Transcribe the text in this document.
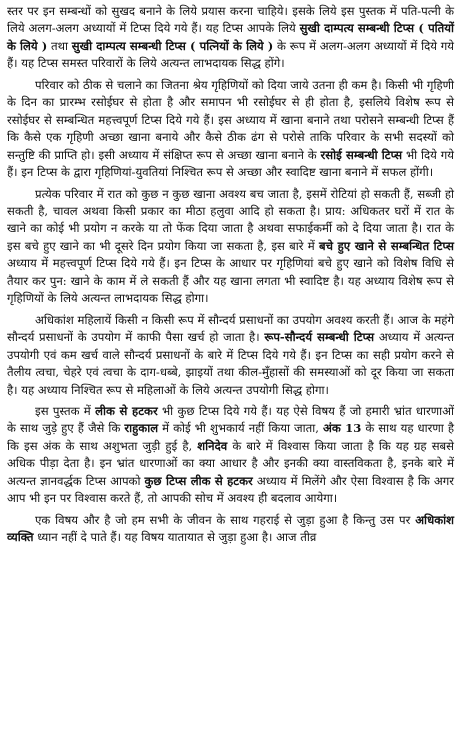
स्तर पर इन सम्बन्धों को सुखद बनाने के लिये प्रयास करना चाहिये। इसके लिये इस पुस्तक में पति-पत्नी के लिये अलग-अलग अध्यायों में टिप्स दिये गये हैं। यह टिप्स आपके लिये सुखी दाम्पत्य सम्बन्धी टिप्स ( पतियों के लिये ) तथा सुखी दाम्पत्य सम्बन्धी टिप्स ( पत्नियों के लिये ) के रूप में अलग-अलग अध्यायों में दिये गये हैं। यह टिप्स समस्त परिवारों के लिये अत्यन्त लाभदायक सिद्ध होंगे।

परिवार को ठीक से चलाने का जितना श्रेय गृहिणियों को दिया जाये उतना ही कम है। किसी भी गृहिणी के दिन का प्रारम्भ रसोईघर से होता है और समापन भी रसोईघर से ही होता है, इसलिये विशेष रूप से रसोईघर से सम्बन्धित महत्त्वपूर्ण टिप्स दिये गये हैं। इस अध्याय में खाना बनाने तथा परोसने सम्बन्धी टिप्स हैं कि कैसे एक गृहिणी अच्छा खाना बनाये और कैसे ठीक ढंग से परोसे ताकि परिवार के सभी सदस्यों को सन्तुष्टि की प्राप्ति हो। इसी अध्याय में संक्षिप्त रूप से अच्छा खाना बनाने के रसोई सम्बन्धी टिप्स भी दिये गये हैं। इन टिप्स के द्वारा गृहिणियां-युवतियां निश्चित रूप से अच्छा और स्वादिष्ट खाना बनाने में सफल होंगी।

प्रत्येक परिवार में रात को कुछ न कुछ खाना अवश्य बच जाता है, इसमें रोटियां हो सकती हैं, सब्जी हो सकती है, चावल अथवा किसी प्रकार का मीठा हलुवा आदि हो सकता है। प्राय: अधिकतर घरों में रात के खाने का कोई भी प्रयोग न करके या तो फेंक दिया जाता है अथवा सफाईकर्मी को दे दिया जाता है। रात के इस बचे हुए खाने का भी दूसरे दिन प्रयोग किया जा सकता है, इस बारे में बचे हुए खाने से सम्बन्धित टिप्स अध्याय में महत्त्वपूर्ण टिप्स दिये गये हैं। इन टिप्स के आधार पर गृहिणियां बचे हुए खाने को विशेष विधि से तैयार कर पुन: खाने के काम में ले सकती हैं और यह खाना लगता भी स्वादिष्ट है। यह अध्याय विशेष रूप से गृहिणियों के लिये अत्यन्त लाभदायक सिद्ध होगा।

अधिकांश महिलायें किसी न किसी रूप में सौन्दर्य प्रसाधनों का उपयोग अवश्य करती हैं। आज के महंगे सौन्दर्य प्रसाधनों के उपयोग में काफी पैसा खर्च हो जाता है। रूप-सौन्दर्य सम्बन्धी टिप्स अध्याय में अत्यन्त उपयोगी एवं कम खर्च वाले सौन्दर्य प्रसाधनों के बारे में टिप्स दिये गये हैं। इन टिप्स का सही प्रयोग करने से तैलीय त्वचा, चेहरे एवं त्वचा के दाग-धब्बे, झाइयों तथा कील-मुँहासों की समस्याओं को दूर किया जा सकता है। यह अध्याय निश्चित रूप से महिलाओं के लिये अत्यन्त उपयोगी सिद्ध होगा।

इस पुस्तक में लीक से हटकर भी कुछ टिप्स दिये गये हैं। यह ऐसे विषय हैं जो हमारी भ्रांत धारणाओं के साथ जुड़े हुए हैं जैसे कि राहुकाल में कोई भी शुभकार्य नहीं किया जाता, अंक 13 के साथ यह धारणा है कि इस अंक के साथ अशुभता जुड़ी हुई है, शनिदेव के बारे में विश्वास किया जाता है कि यह ग्रह सबसे अधिक पीड़ा देता है। इन भ्रांत धारणाओं का क्या आधार है और इनकी क्या वास्तविकता है, इनके बारे में अत्यन्त ज्ञानवर्द्धक टिप्स आपको कुछ टिप्स लीक से हटकर अध्याय में मिलेंगे और ऐसा विश्वास है कि अगर आप भी इन पर विश्वास करते हैं, तो आपकी सोच में अवश्य ही बदलाव आयेगा।

एक विषय और है जो हम सभी के जीवन के साथ गहराई से जुड़ा हुआ है किन्तु उस पर अधिकांश व्यक्ति ध्यान नहीं दे पाते हैं। यह विषय यातायात से जुड़ा हुआ है। आज तीव्र
